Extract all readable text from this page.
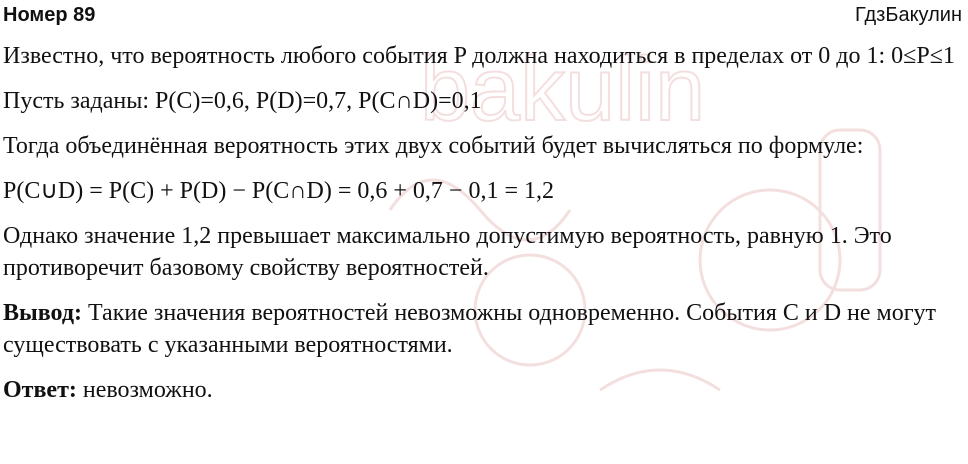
bakulin
Номер 89	ГдзБакулин

Известно, что вероятность любого события P должна находиться в пределах от 0 до 1: 0≤P≤1

Пусть заданы: P(C)=0,6, P(D)=0,7, P(C∩D)=0,1

Тогда объединённая вероятность этих двух событий будет вычисляться по формуле:

P(C∪D) = P(C) + P(D) − P(C∩D) = 0,6 + 0,7 − 0,1 = 1,2

Однако значение 1,2 превышает максимально допустимую вероятность, равную 1. Это противоречит базовому свойству вероятностей.

Вывод: Такие значения вероятностей невозможны одновременно. События C и D не могут существовать с указанными вероятностями.

Ответ: невозможно.
